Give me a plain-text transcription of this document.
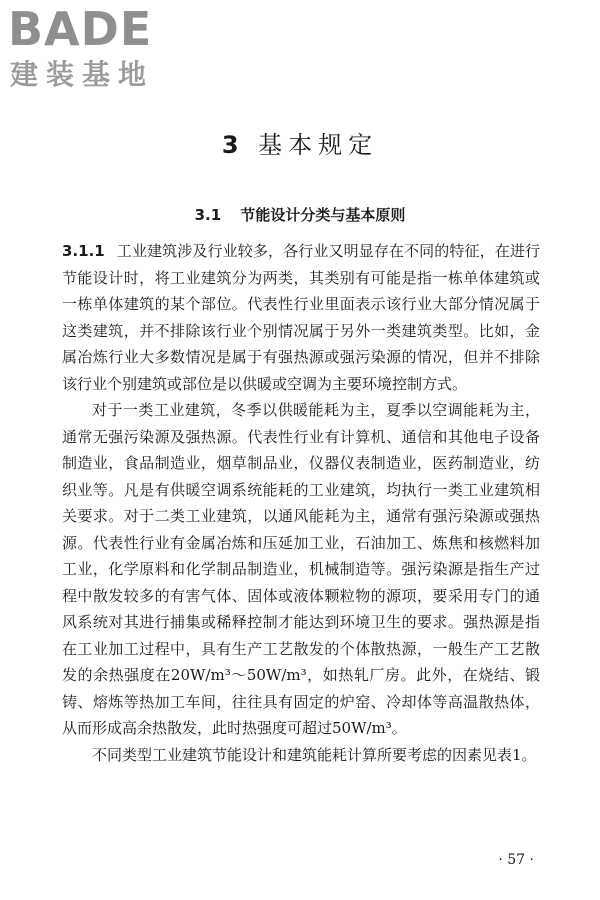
BADE
建装基地
3 基本规定
3.1 节能设计分类与基本原则

3.1.1 工业建筑涉及行业较多，各行业又明显存在不同的特征，在进行节能设计时，将工业建筑分为两类，其类别有可能是指一栋单体建筑或一栋单体建筑的某个部位。代表性行业里面表示该行业大部分情况属于这类建筑，并不排除该行业个别情况属于另外一类建筑类型。比如，金属冶炼行业大多数情况是属于有强热源或强污染源的情况，但并不排除该行业个别建筑或部位是以供暖或空调为主要环境控制方式。

对于一类工业建筑，冬季以供暖能耗为主，夏季以空调能耗为主，通常无强污染源及强热源。代表性行业有计算机、通信和其他电子设备制造业，食品制造业，烟草制品业，仪器仪表制造业，医药制造业，纺织业等。凡是有供暖空调系统能耗的工业建筑，均执行一类工业建筑相关要求。对于二类工业建筑，以通风能耗为主，通常有强污染源或强热源。代表性行业有金属冶炼和压延加工业，石油加工、炼焦和核燃料加工业，化学原料和化学制品制造业，机械制造等。强污染源是指生产过程中散发较多的有害气体、固体或液体颗粒物的源项，要采用专门的通风系统对其进行捕集或稀释控制才能达到环境卫生的要求。强热源是指在工业加工过程中，具有生产工艺散发的个体散热源，一般生产工艺散发的余热强度在20W/m³～50W/m³，如热轧厂房。此外，在烧结、锻铸、熔炼等热加工车间，往往具有固定的炉窑、冷却体等高温散热体，从而形成高余热散发，此时热强度可超过50W/m³。

不同类型工业建筑节能设计和建筑能耗计算所要考虑的因素见表1。

· 57 ·
